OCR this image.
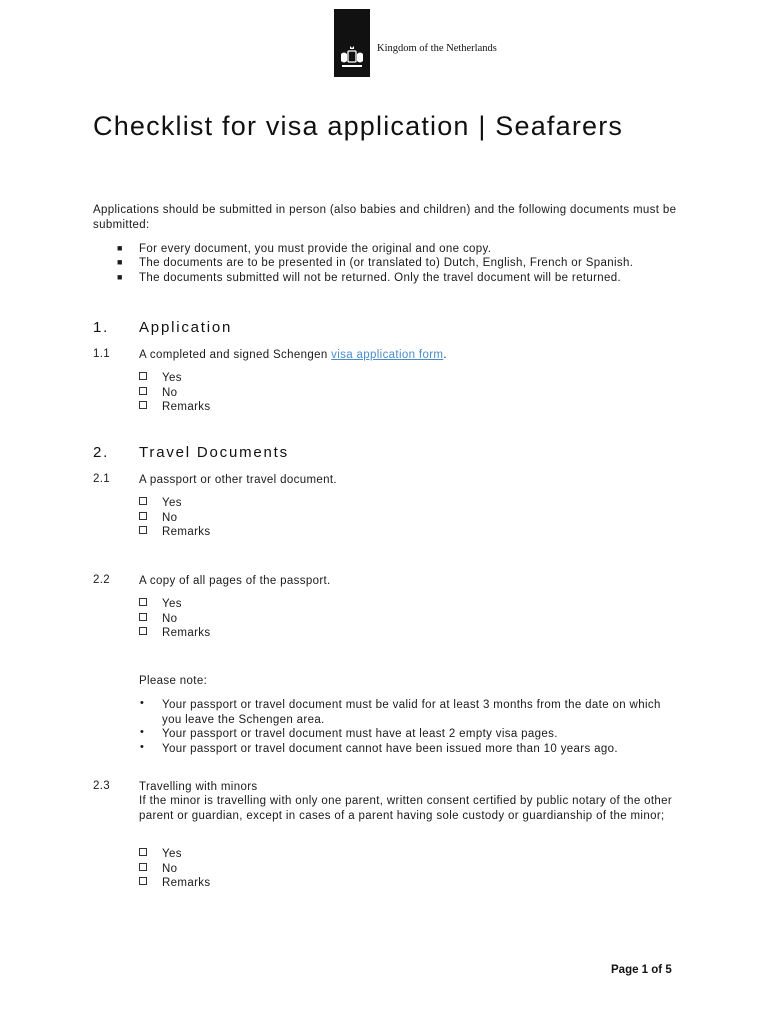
Kingdom of the Netherlands
Checklist for visa application | Seafarers

Applications should be submitted in person (also babies and children) and the following documents must be submitted:

■ For every document, you must provide the original and one copy.
■ The documents are to be presented in (or translated to) Dutch, English, French or Spanish.
■ The documents submitted will not be returned. Only the travel document will be returned.
1. Application
1.1	A completed and signed Schengen visa application form.
Yes
No
Remarks
2. Travel Documents
2.1	A passport or other travel document.
Yes
No
Remarks
2.2	A copy of all pages of the passport.
Yes
No
Remarks
Please note:
• Your passport or travel document must be valid for at least 3 months from the date on which you leave the Schengen area.
• Your passport or travel document must have at least 2 empty visa pages.
• Your passport or travel document cannot have been issued more than 10 years ago.
2.3	Travelling with minors
If the minor is travelling with only one parent, written consent certified by public notary of the other parent or guardian, except in cases of a parent having sole custody or guardianship of the minor;
Yes
No
Remarks
Page 1 of 5
